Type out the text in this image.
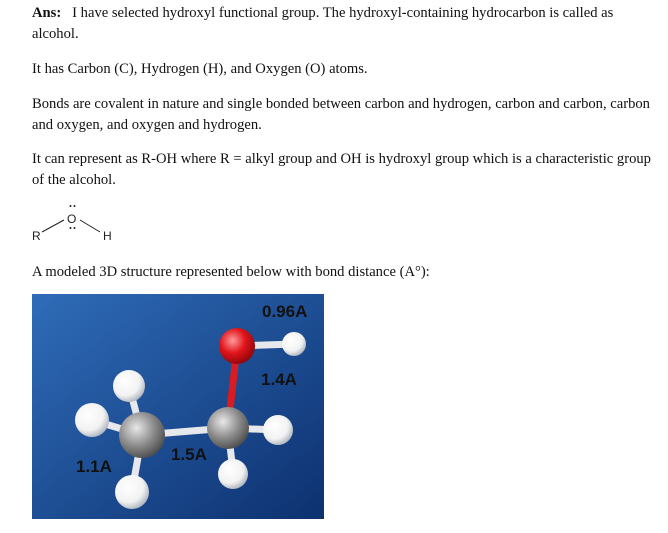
Ans: I have selected hydroxyl functional group. The hydroxyl-containing hydrocarbon is called as alcohol.

It has Carbon (C), Hydrogen (H), and Oxygen (O) atoms.

Bonds are covalent in nature and single bonded between carbon and hydrogen, carbon and carbon, carbon and oxygen, and oxygen and hydrogen.

It can represent as R-OH where R = alkyl group and OH is hydroxyl group which is a characteristic group of the alcohol.

R
O
H

A modeled 3D structure represented below with bond distance (A°):

0.96A
1.4A
1.5A
1.1A
